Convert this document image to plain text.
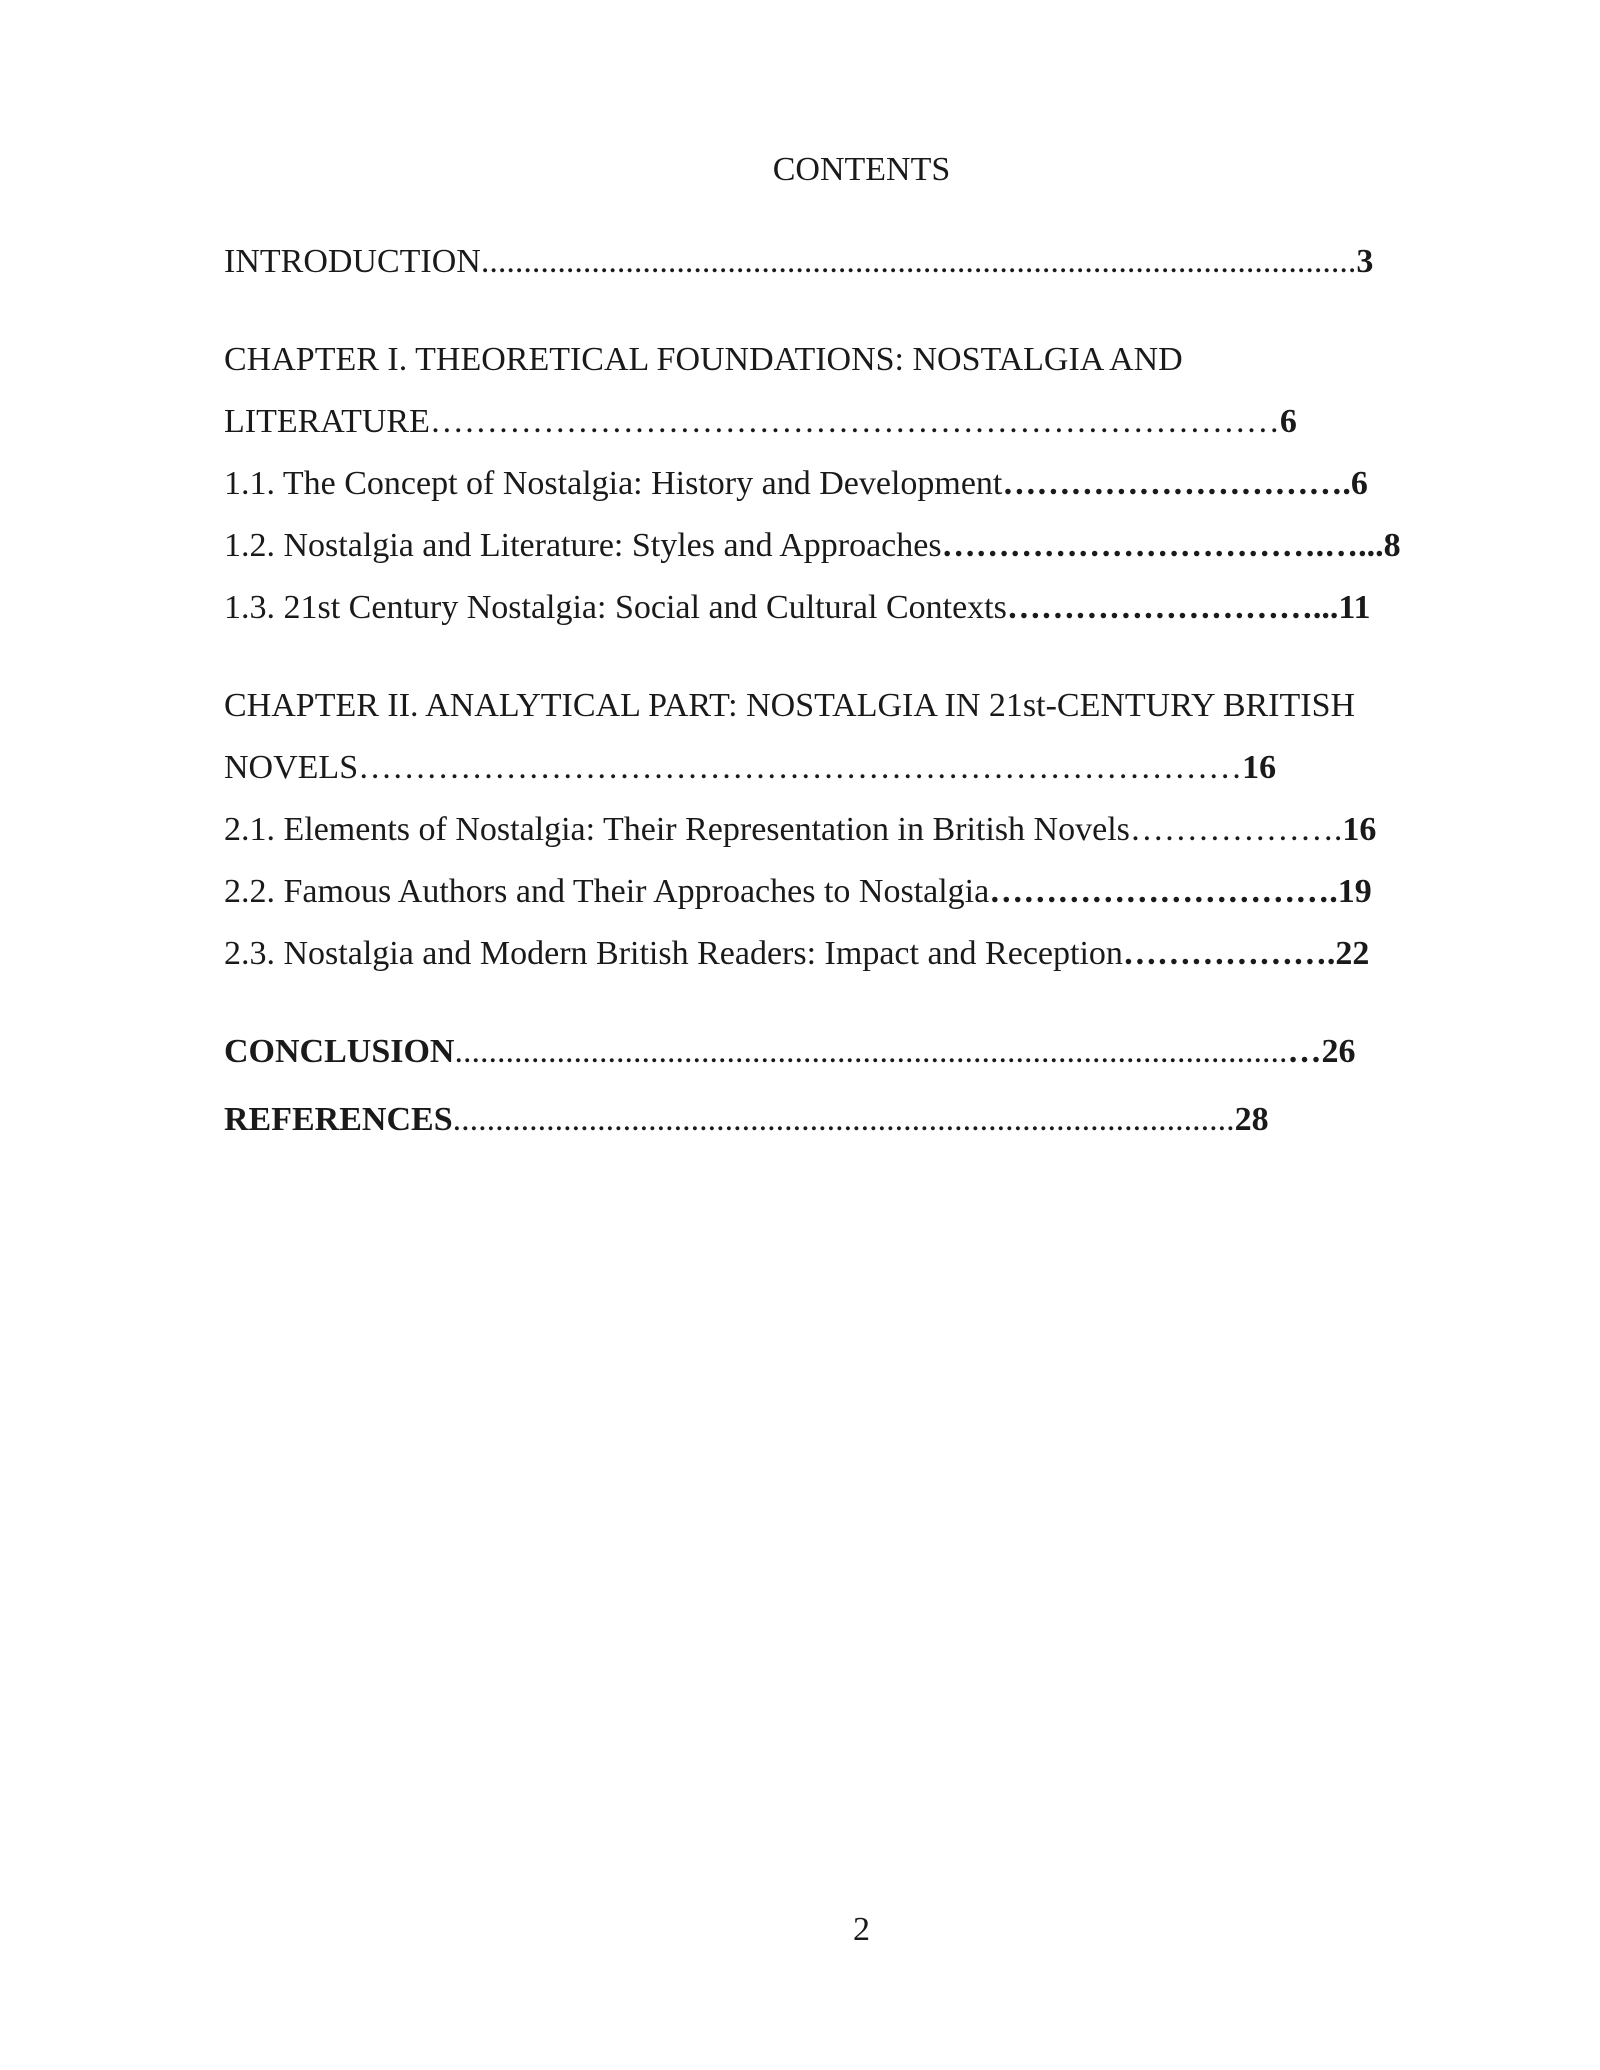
CONTENTS
INTRODUCTION.......................................................................................................3
CHAPTER I. THEORETICAL FOUNDATIONS: NOSTALGIA AND
LITERATURE…………………………………………………………………6
1.1. The Concept of Nostalgia: History and Development………………………….6
1.2. Nostalgia and Literature: Styles and Approaches…………………………….…...8
1.3. 21st Century Nostalgia: Social and Cultural Contexts………………………...11
CHAPTER II. ANALYTICAL PART: NOSTALGIA IN 21st-CENTURY BRITISH
NOVELS……………………………………………………………………16
2.1. Elements of Nostalgia: Their Representation in British Novels……………….16
2.2. Famous Authors and Their Approaches to Nostalgia………………………….19
2.3. Nostalgia and Modern British Readers: Impact and Reception……………….22
CONCLUSION..................................................................................................…26
REFERENCES............................................................................................28
2
